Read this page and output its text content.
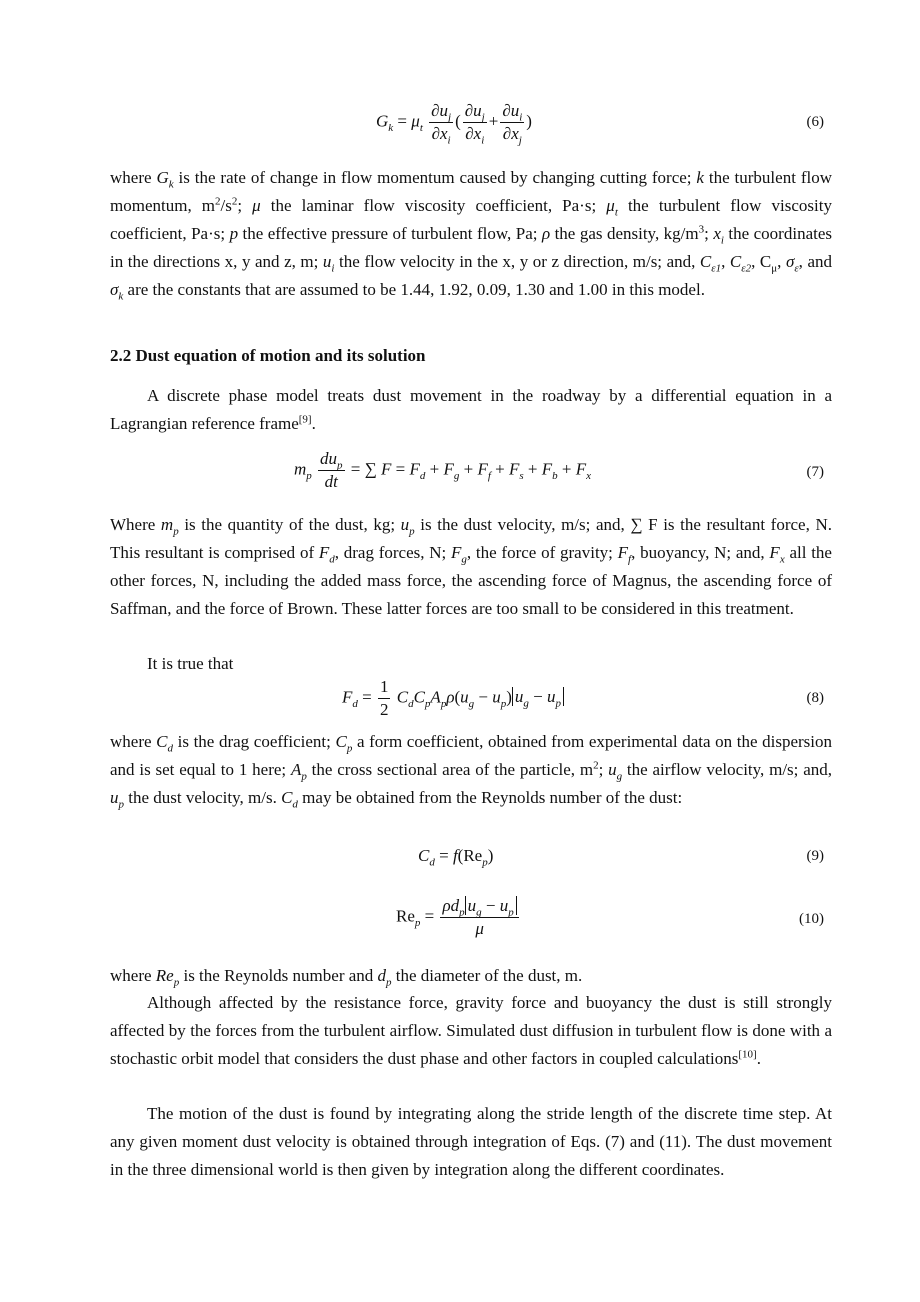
$G_k = \mu_t \frac{\partial u_j}{\partial x_i}$ ( $\frac{\partial u_j}{\partial x_i} + \frac{\partial u_i}{\partial x_j}$ )	(6)

where $G_k$ is the rate of change in flow momentum caused by changing cutting force; k the turbulent flow momentum, $m^2/s^2$; μ the laminar flow viscosity coefficient, Pa·s; $\mu_t$ the turbulent flow viscosity coefficient, Pa·s; p the effective pressure of turbulent flow, Pa; ρ the gas density, $kg/m^3$; $x_i$ the coordinates in the directions x, y and z, m; $u_i$ the flow velocity in the x, y or z direction, m/s; and, $C_{\varepsilon 1}$, $C_{\varepsilon 2}$, $C_\mu$, $\sigma_\varepsilon$, and $\sigma_k$ are the constants that are assumed to be 1.44, 1.92, 0.09, 1.30 and 1.00 in this model.

2.2 Dust equation of motion and its solution

A discrete phase model treats dust movement in the roadway by a differential equation in a Lagrangian reference frame[9].

$m_p \frac{du_p}{dt}$ = ∑ $F = F_d + F_g + F_f + F_s + F_b + F_x$	(7)

Where $m_p$ is the quantity of the dust, kg; $u_p$ is the dust velocity, m/s; and, ∑ F is the resultant force, N. This resultant is comprised of $F_d$, drag forces, N; $F_g$, the force of gravity; $F_f$, buoyancy, N; and, $F_x$ all the other forces, N, including the added mass force, the ascending force of Magnus, the ascending force of Saffman, and the force of Brown. These latter forces are too small to be considered in this treatment.

It is true that

$F_d = \frac{1}{2} C_dC_pA_p\rho(u_g - u_p) u_g - u_p$	(8)

where $C_d$ is the drag coefficient; $C_p$ a form coefficient, obtained from experimental data on the dispersion and is set equal to 1 here; $A_p$ the cross sectional area of the particle, $m^2$; $u_g$ the airflow velocity, m/s; and, $u_p$ the dust velocity, m/s. $C_d$ may be obtained from the Reynolds number of the dust:

$C_d = f(Re_p)$	(9)
$Re_p = \frac{\rho d_p u_g - u_p}{\mu}$	(10)

where $Re_p$ is the Reynolds number and $d_p$ the diameter of the dust, m.

Although affected by the resistance force, gravity force and buoyancy the dust is still strongly affected by the forces from the turbulent airflow. Simulated dust diffusion in turbulent flow is done with a stochastic orbit model that considers the dust phase and other factors in coupled calculations[10].

The motion of the dust is found by integrating along the stride length of the discrete time step. At any given moment dust velocity is obtained through integration of Eqs. (7) and (11). The dust movement in the three dimensional world is then given by integration along the different coordinates.
